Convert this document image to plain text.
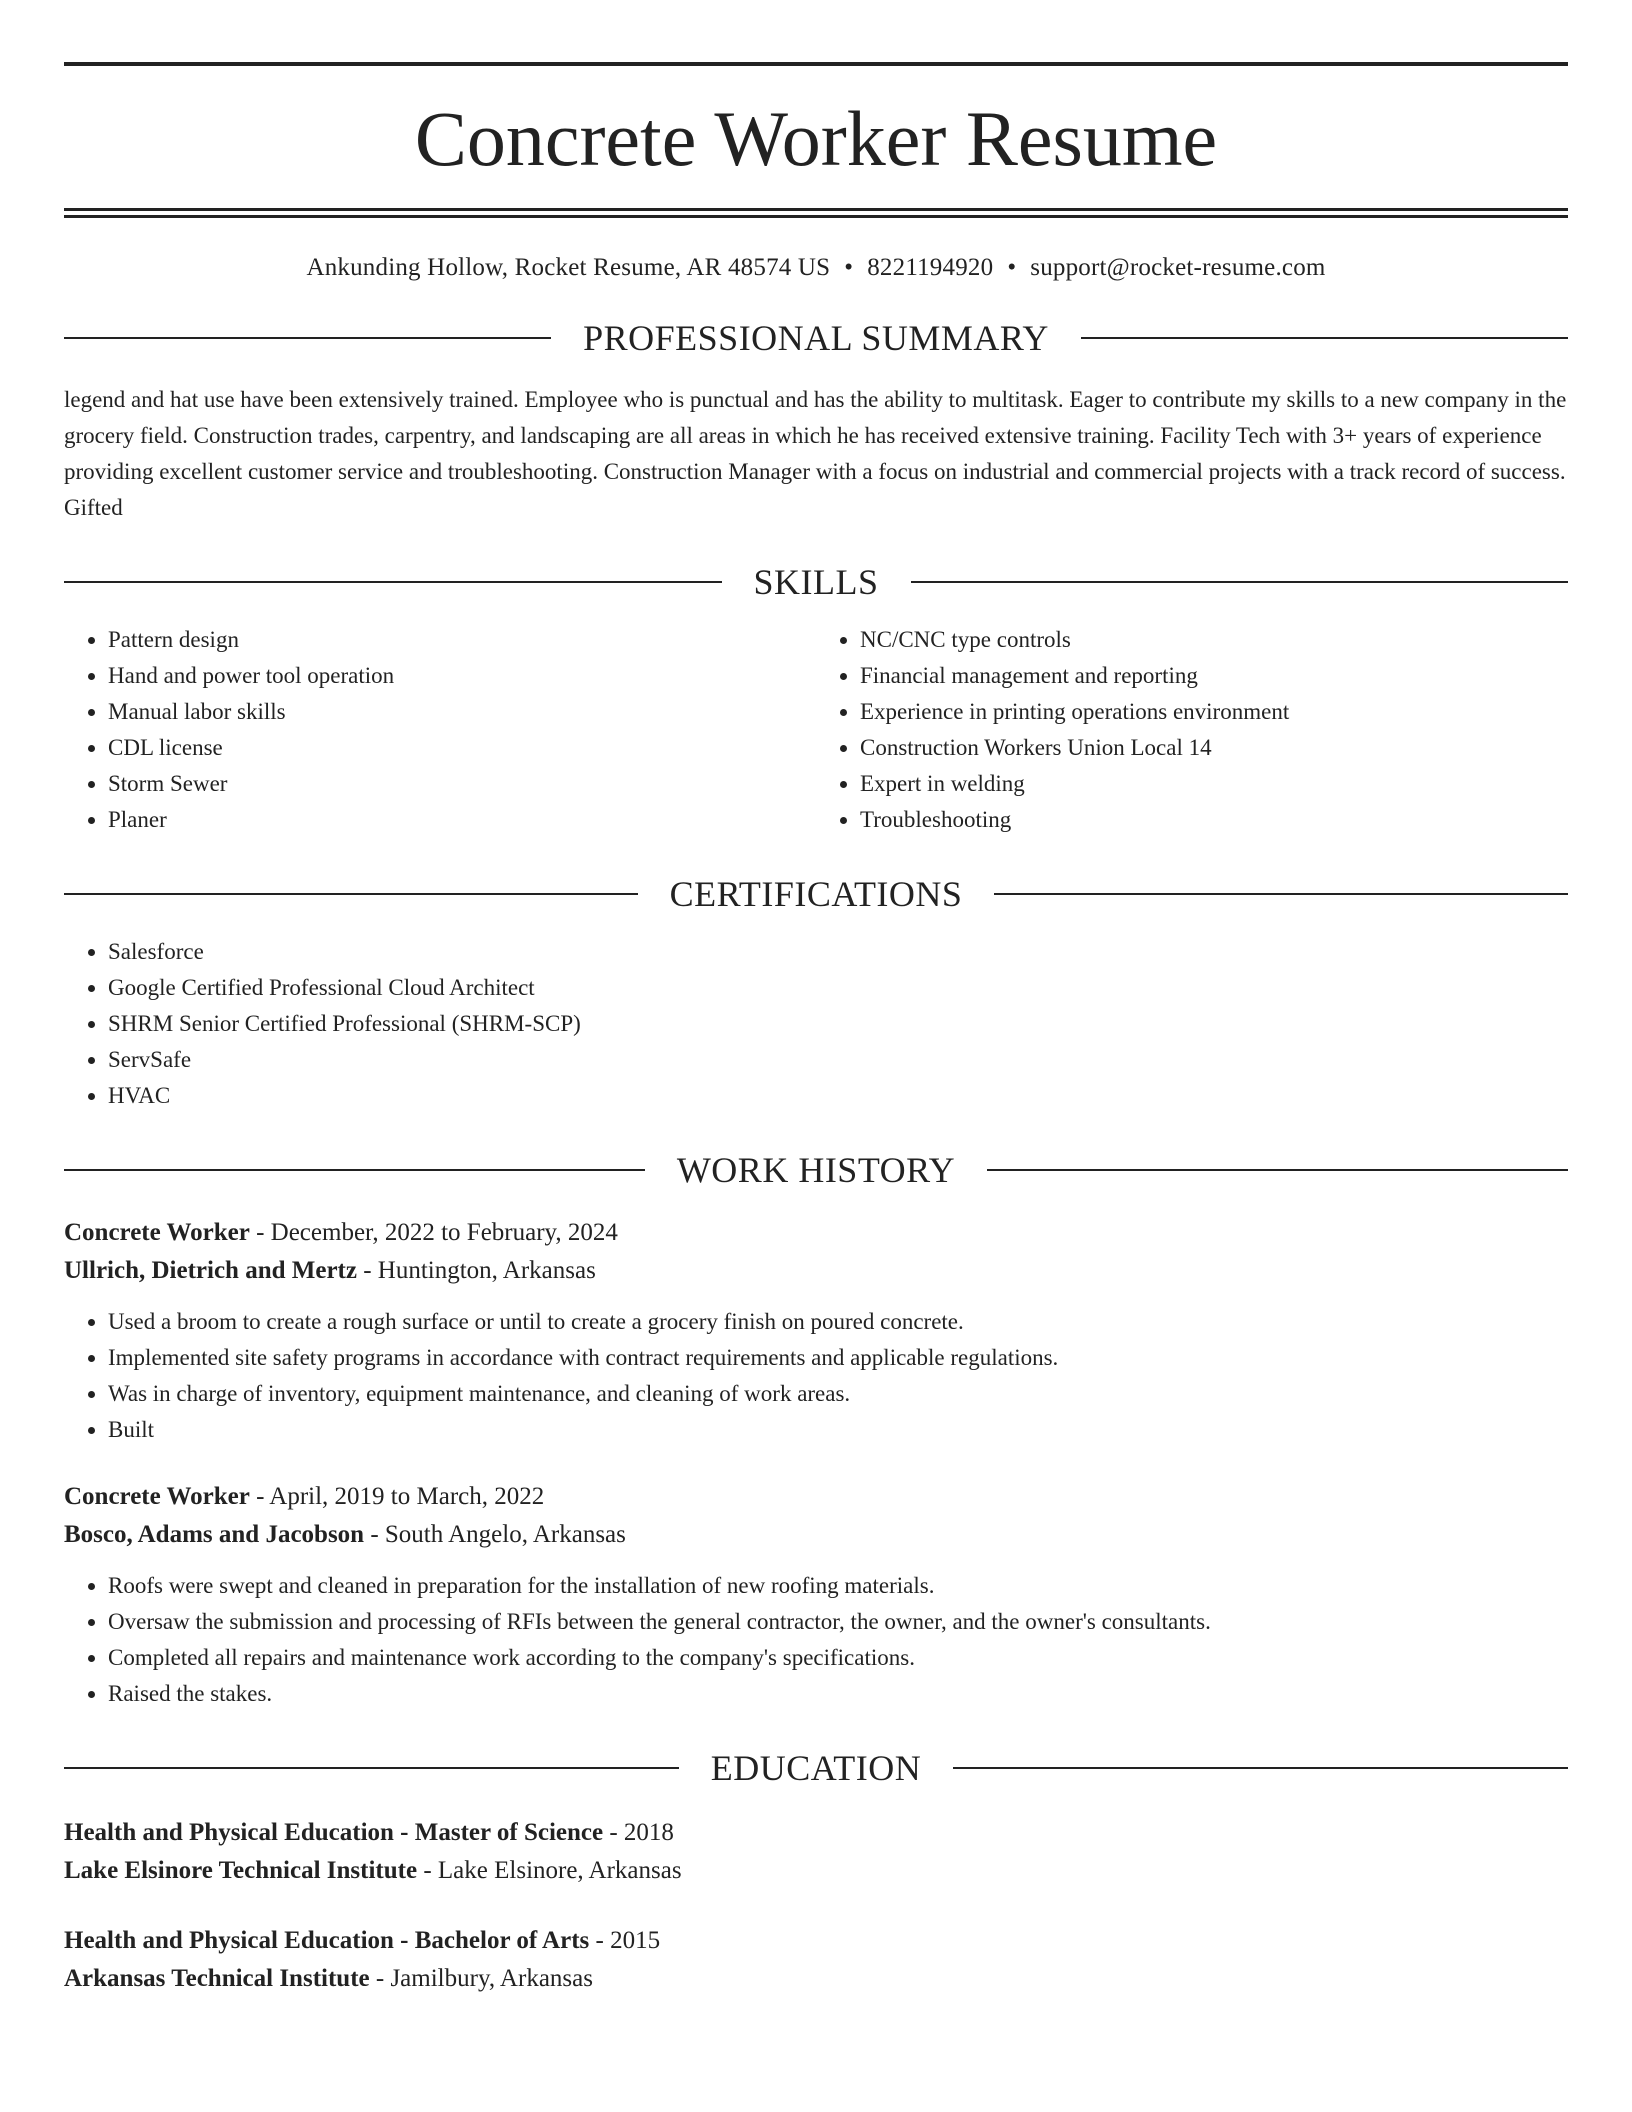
Concrete Worker Resume
Ankunding Hollow, Rocket Resume, AR 48574 US • 8221194920 • support@rocket-resume.com
PROFESSIONAL SUMMARY
legend and hat use have been extensively trained. Employee who is punctual and has the ability to multitask. Eager to contribute my skills to a new company in the grocery field. Construction trades, carpentry, and landscaping are all areas in which he has received extensive training. Facility Tech with 3+ years of experience providing excellent customer service and troubleshooting. Construction Manager with a focus on industrial and commercial projects with a track record of success. Gifted
SKILLS
• Pattern design
• Hand and power tool operation
• Manual labor skills
• CDL license
• Storm Sewer
• Planer
• NC/CNC type controls
• Financial management and reporting
• Experience in printing operations environment
• Construction Workers Union Local 14
• Expert in welding
• Troubleshooting
CERTIFICATIONS
• Salesforce
• Google Certified Professional Cloud Architect
• SHRM Senior Certified Professional (SHRM-SCP)
• ServSafe
• HVAC
WORK HISTORY
Concrete Worker - December, 2022 to February, 2024
Ullrich, Dietrich and Mertz - Huntington, Arkansas
• Used a broom to create a rough surface or until to create a grocery finish on poured concrete.
• Implemented site safety programs in accordance with contract requirements and applicable regulations.
• Was in charge of inventory, equipment maintenance, and cleaning of work areas.
• Built
Concrete Worker - April, 2019 to March, 2022
Bosco, Adams and Jacobson - South Angelo, Arkansas
• Roofs were swept and cleaned in preparation for the installation of new roofing materials.
• Oversaw the submission and processing of RFIs between the general contractor, the owner, and the owner's consultants.
• Completed all repairs and maintenance work according to the company's specifications.
• Raised the stakes.
EDUCATION
Health and Physical Education - Master of Science - 2018
Lake Elsinore Technical Institute - Lake Elsinore, Arkansas
Health and Physical Education - Bachelor of Arts - 2015
Arkansas Technical Institute - Jamilbury, Arkansas
